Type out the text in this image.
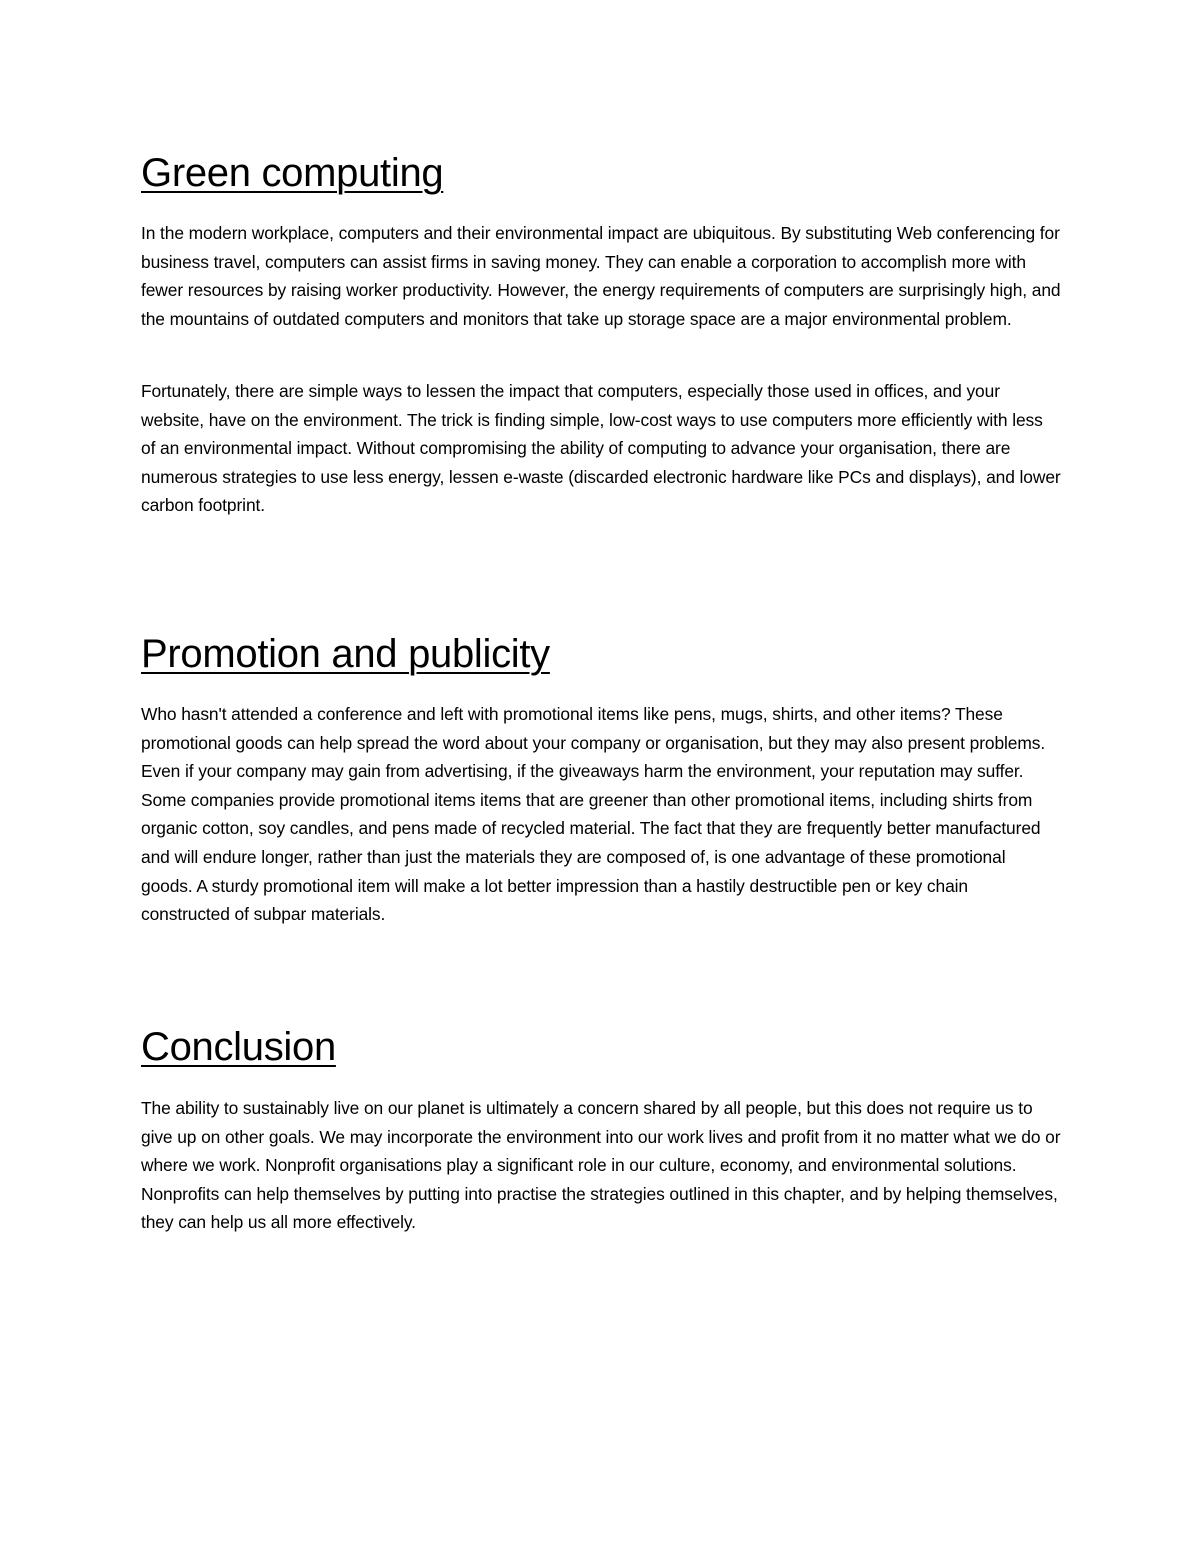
Green computing

In the modern workplace, computers and their environmental impact are ubiquitous. By substituting Web conferencing for business travel, computers can assist firms in saving money. They can enable a corporation to accomplish more with fewer resources by raising worker productivity. However, the energy requirements of computers are surprisingly high, and the mountains of outdated computers and monitors that take up storage space are a major environmental problem.

Fortunately, there are simple ways to lessen the impact that computers, especially those used in offices, and your website, have on the environment. The trick is finding simple, low-cost ways to use computers more efficiently with less of an environmental impact. Without compromising the ability of computing to advance your organisation, there are numerous strategies to use less energy, lessen e-waste (discarded electronic hardware like PCs and displays), and lower carbon footprint.

Promotion and publicity

Who hasn't attended a conference and left with promotional items like pens, mugs, shirts, and other items? These promotional goods can help spread the word about your company or organisation, but they may also present problems. Even if your company may gain from advertising, if the giveaways harm the environment, your reputation may suffer. Some companies provide promotional items items that are greener than other promotional items, including shirts from organic cotton, soy candles, and pens made of recycled material. The fact that they are frequently better manufactured and will endure longer, rather than just the materials they are composed of, is one advantage of these promotional goods. A sturdy promotional item will make a lot better impression than a hastily destructible pen or key chain constructed of subpar materials.

Conclusion

The ability to sustainably live on our planet is ultimately a concern shared by all people, but this does not require us to give up on other goals. We may incorporate the environment into our work lives and profit from it no matter what we do or where we work. Nonprofit organisations play a significant role in our culture, economy, and environmental solutions. Nonprofits can help themselves by putting into practise the strategies outlined in this chapter, and by helping themselves, they can help us all more effectively.
